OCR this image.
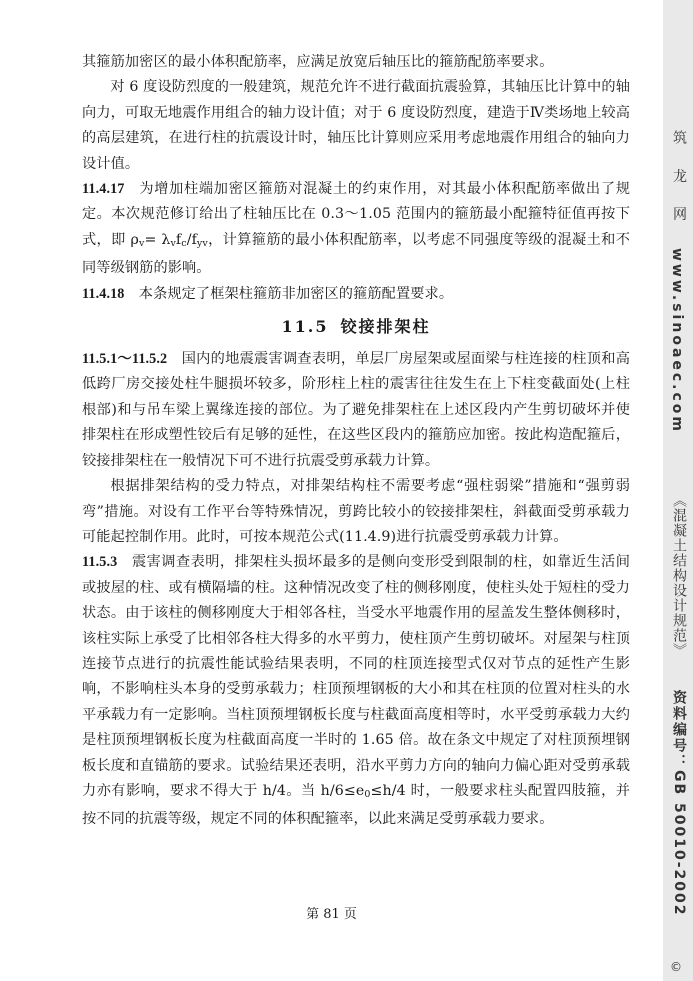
其箍筋加密区的最小体积配筋率，应满足放宽后轴压比的箍筋配筋率要求。

对 6 度设防烈度的一般建筑，规范允许不进行截面抗震验算，其轴压比计算中的轴向力，可取无地震作用组合的轴力设计值；对于 6 度设防烈度，建造于Ⅳ类场地上较高的高层建筑，在进行柱的抗震设计时，轴压比计算则应采用考虑地震作用组合的轴向力设计值。

11.4.17  为增加柱端加密区箍筋对混凝土的约束作用，对其最小体积配筋率做出了规定。本次规范修订给出了柱轴压比在 0.3～1.05 范围内的箍筋最小配箍特征值再按下式，即 $\rho_v= \lambda_vf_c/f_{yv}$，计算箍筋的最小体积配筋率，以考虑不同强度等级的混凝土和不同等级钢筋的影响。

11.4.18  本条规定了框架柱箍筋非加密区的箍筋配置要求。

11.5 铰接排架柱

11.5.1～11.5.2  国内的地震震害调查表明，单层厂房屋架或屋面梁与柱连接的柱顶和高低跨厂房交接处柱牛腿损坏较多，阶形柱上柱的震害往往发生在上下柱变截面处(上柱根部)和与吊车梁上翼缘连接的部位。为了避免排架柱在上述区段内产生剪切破坏并使排架柱在形成塑性铰后有足够的延性，在这些区段内的箍筋应加密。按此构造配箍后，铰接排架柱在一般情况下可不进行抗震受剪承载力计算。

根据排架结构的受力特点，对排架结构柱不需要考虑“强柱弱梁”措施和“强剪弱弯”措施。对设有工作平台等特殊情况，剪跨比较小的铰接排架柱，斜截面受剪承载力可能起控制作用。此时，可按本规范公式(11.4.9)进行抗震受剪承载力计算。

11.5.3  震害调查表明，排架柱头损坏最多的是侧向变形受到限制的柱，如靠近生活间或披屋的柱、或有横隔墙的柱。这种情况改变了柱的侧移刚度，使柱头处于短柱的受力状态。由于该柱的侧移刚度大于相邻各柱，当受水平地震作用的屋盖发生整体侧移时，该柱实际上承受了比相邻各柱大得多的水平剪力，使柱顶产生剪切破坏。对屋架与柱顶连接节点进行的抗震性能试验结果表明，不同的柱顶连接型式仅对节点的延性产生影响，不影响柱头本身的受剪承载力；柱顶预埋钢板的大小和其在柱顶的位置对柱头的水平承载力有一定影响。当柱顶预埋钢板长度与柱截面高度相等时，水平受剪承载力大约是柱顶预埋钢板长度为柱截面高度一半时的 1.65 倍。故在条文中规定了对柱顶预埋钢板长度和直锚筋的要求。试验结果还表明，沿水平剪力方向的轴向力偏心距对受剪承载力亦有影响，要求不得大于 h/4。当 $h/6\le e_0\le h/4$ 时，一般要求柱头配置四肢箍，并按不同的抗震等级，规定不同的体积配箍率，以此来满足受剪承载力要求。

第 81 页
筑 龙 网
www.sinoaec.com
《混凝土结构设计规范》
资料编号：GB 50010-2002
©
